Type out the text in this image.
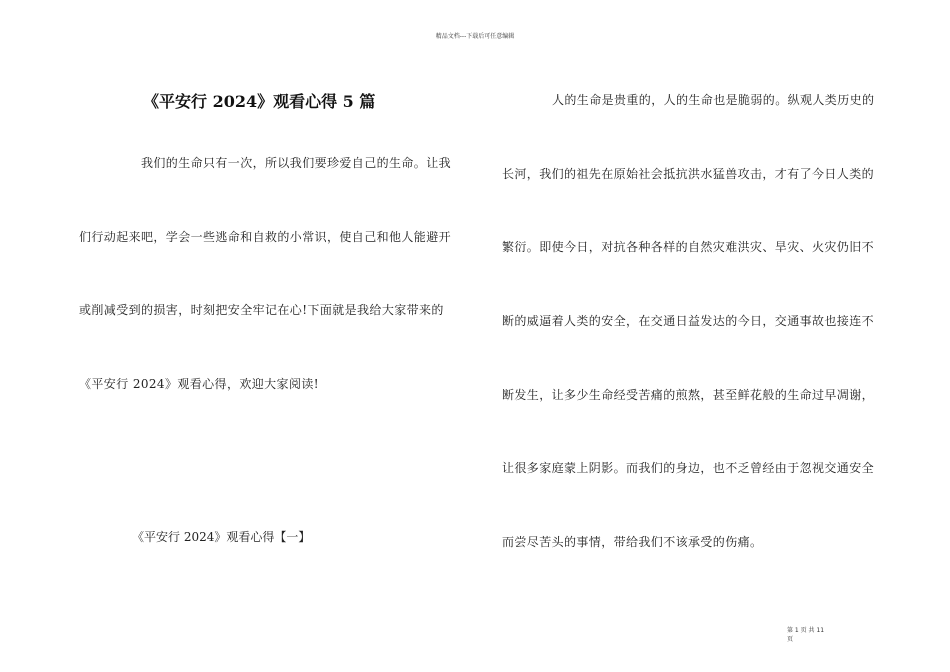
精品文档---下载后可任意编辑
《平安行 2024》观看心得 5 篇
我们的生命只有一次，所以我们要珍爱自己的生命。让我
们行动起来吧，学会一些逃命和自救的小常识，使自己和他人能避开
或削减受到的损害，时刻把安全牢记在心!下面就是我给大家带来的
《平安行 2024》观看心得，欢迎大家阅读!
《平安行 2024》观看心得【一】
人的生命是贵重的，人的生命也是脆弱的。纵观人类历史的
长河，我们的祖先在原始社会抵抗洪水猛兽攻击，才有了今日人类的
繁衍。即使今日，对抗各种各样的自然灾难洪灾、旱灾、火灾仍旧不
断的威逼着人类的安全，在交通日益发达的今日，交通事故也接连不
断发生，让多少生命经受苦痛的煎熬，甚至鲜花般的生命过早凋谢，
让很多家庭蒙上阴影。而我们的身边，也不乏曾经由于忽视交通安全
而尝尽苦头的事情，带给我们不该承受的伤痛。
第 1 页 共 11 页
